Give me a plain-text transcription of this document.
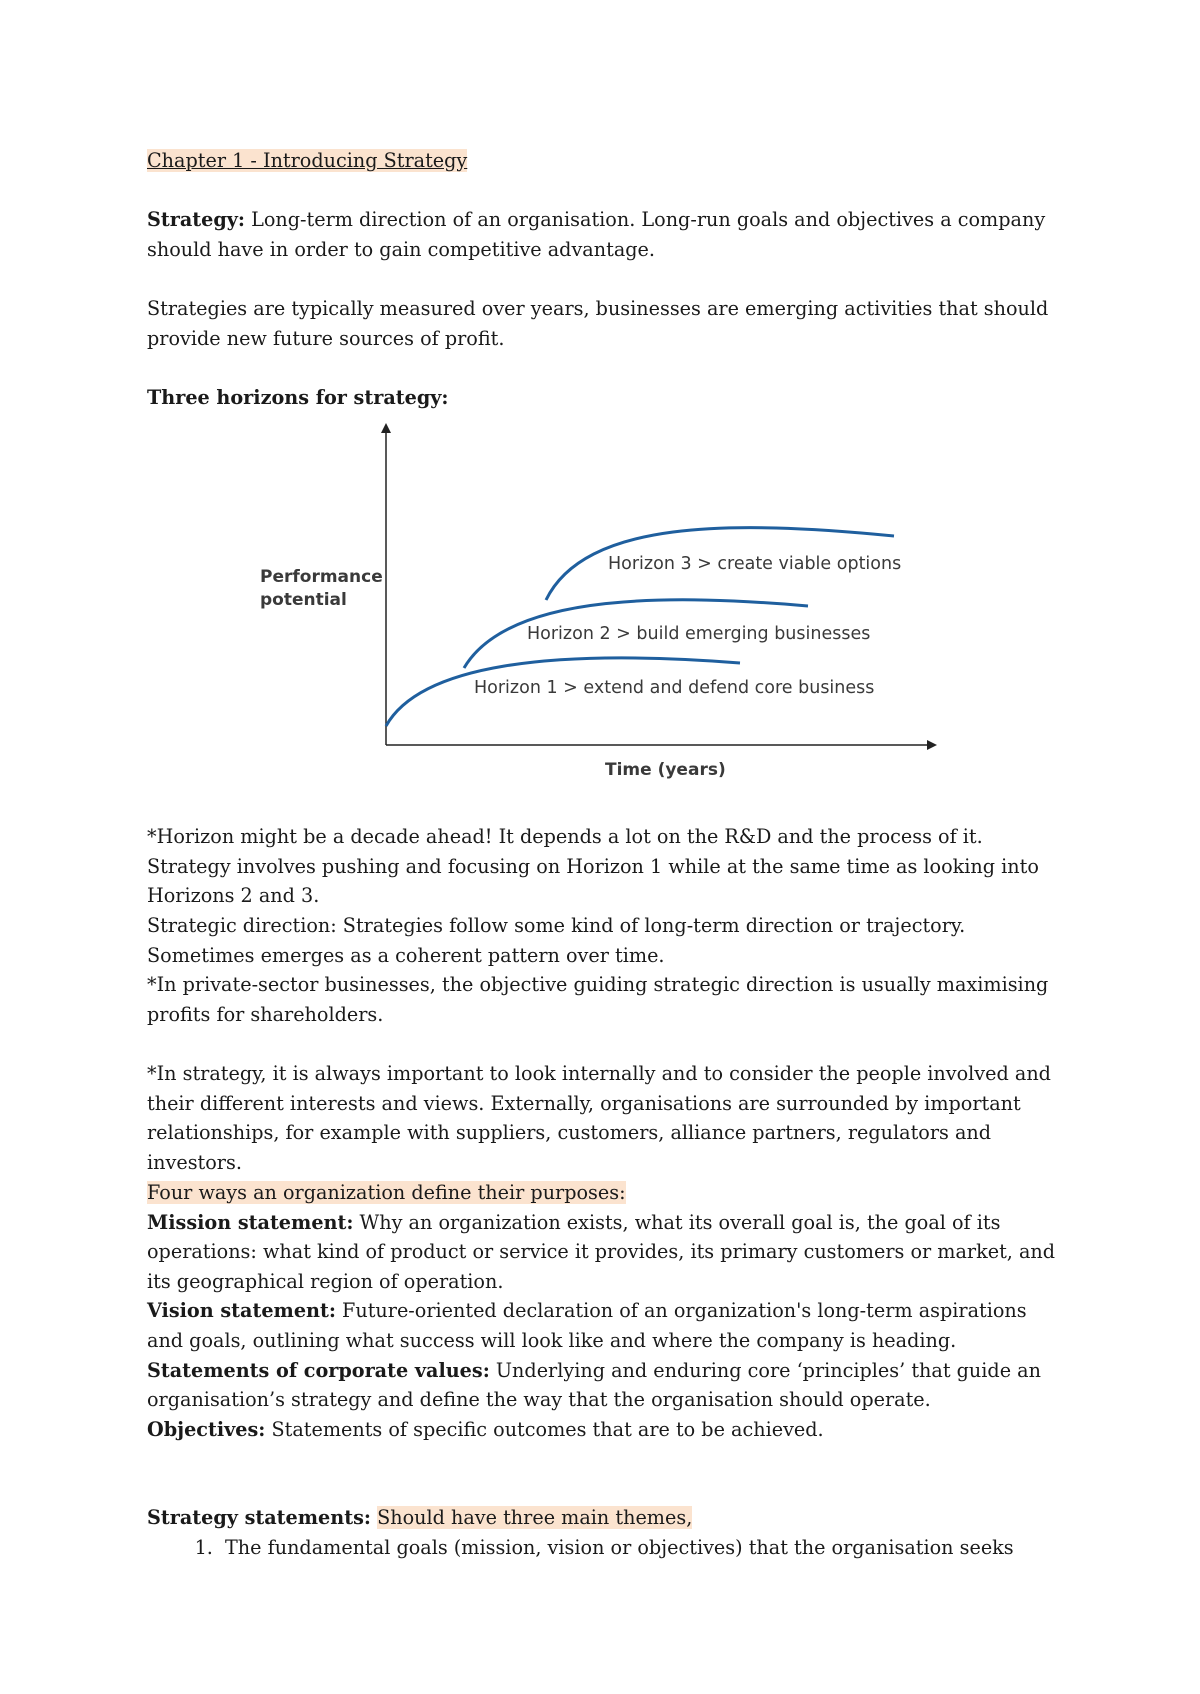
Chapter 1 - Introducing Strategy

Strategy: Long-term direction of an organisation. Long-run goals and objectives a company should have in order to gain competitive advantage.

Strategies are typically measured over years, businesses are emerging activities that should provide new future sources of profit.

Three horizons for strategy:

Performance
potential
Time (years)
Horizon 3 > create viable options
Horizon 2 > build emerging businesses
Horizon 1 > extend and defend core business

*Horizon might be a decade ahead! It depends a lot on the R&D and the process of it. Strategy involves pushing and focusing on Horizon 1 while at the same time as looking into Horizons 2 and 3.

Strategic direction: Strategies follow some kind of long-term direction or trajectory. Sometimes emerges as a coherent pattern over time.

*In private-sector businesses, the objective guiding strategic direction is usually maximising profits for shareholders.

*In strategy, it is always important to look internally and to consider the people involved and their different interests and views. Externally, organisations are surrounded by important relationships, for example with suppliers, customers, alliance partners, regulators and investors.

Four ways an organization define their purposes:

Mission statement: Why an organization exists, what its overall goal is, the goal of its operations: what kind of product or service it provides, its primary customers or market, and its geographical region of operation.

Vision statement: Future-oriented declaration of an organization's long-term aspirations and goals, outlining what success will look like and where the company is heading.

Statements of corporate values: Underlying and enduring core ‘principles’ that guide an organisation’s strategy and define the way that the organisation should operate.

Objectives: Statements of specific outcomes that are to be achieved.

Strategy statements: Should have three main themes,

1. The fundamental goals (mission, vision or objectives) that the organisation seeks
